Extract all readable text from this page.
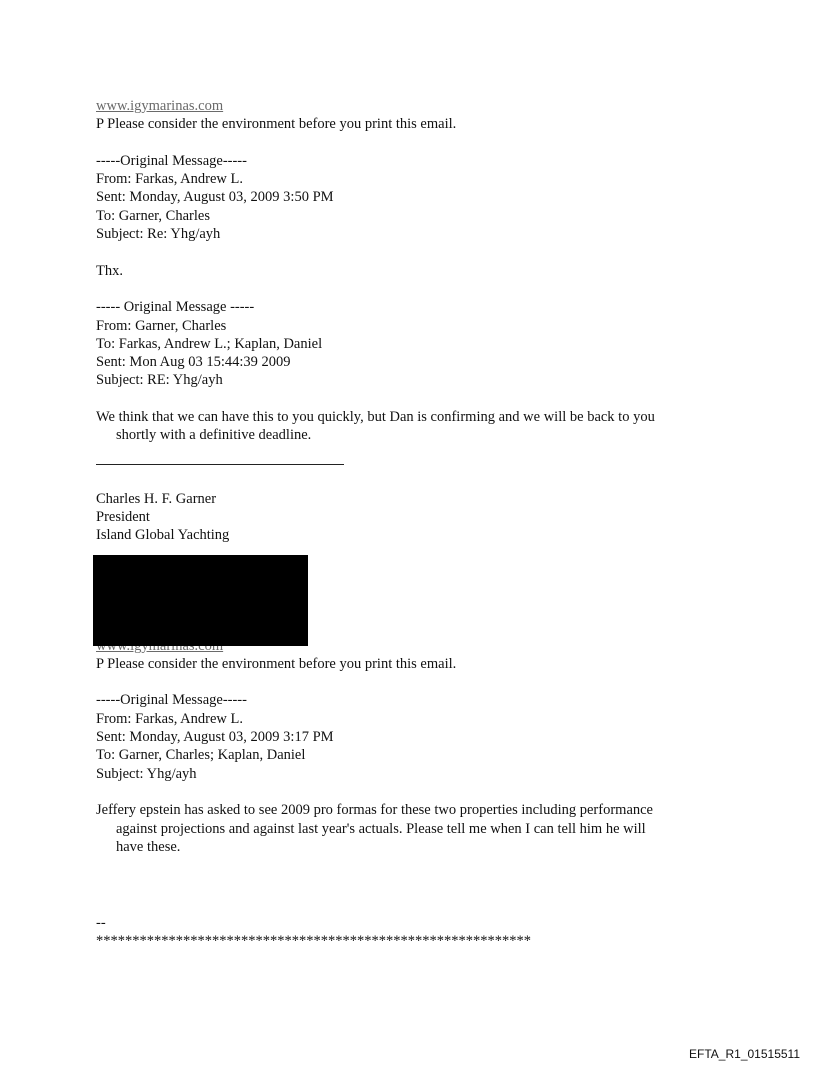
www.igymarinas.com
P Please consider the environment before you print this email.
-----Original Message-----
From: Farkas, Andrew L.
Sent: Monday, August 03, 2009 3:50 PM
To: Garner, Charles
Subject: Re: Yhg/ayh
Thx.
----- Original Message -----
From: Garner, Charles
To: Farkas, Andrew L.; Kaplan, Daniel
Sent: Mon Aug 03 15:44:39 2009
Subject: RE: Yhg/ayh
We think that we can have this to you quickly, but Dan is confirming and we will be back to you
shortly with a definitive deadline.
Charles H. F. Garner
President
Island Global Yachting
P Please consider the environment before you print this email.
-----Original Message-----
From: Farkas, Andrew L.
Sent: Monday, August 03, 2009 3:17 PM
To: Garner, Charles; Kaplan, Daniel
Subject: Yhg/ayh
Jeffery epstein has asked to see 2009 pro formas for these two properties including performance
against projections and against last year's actuals. Please tell me when I can tell him he will
have these.
--
************************************************************
EFTA_R1_01515511
